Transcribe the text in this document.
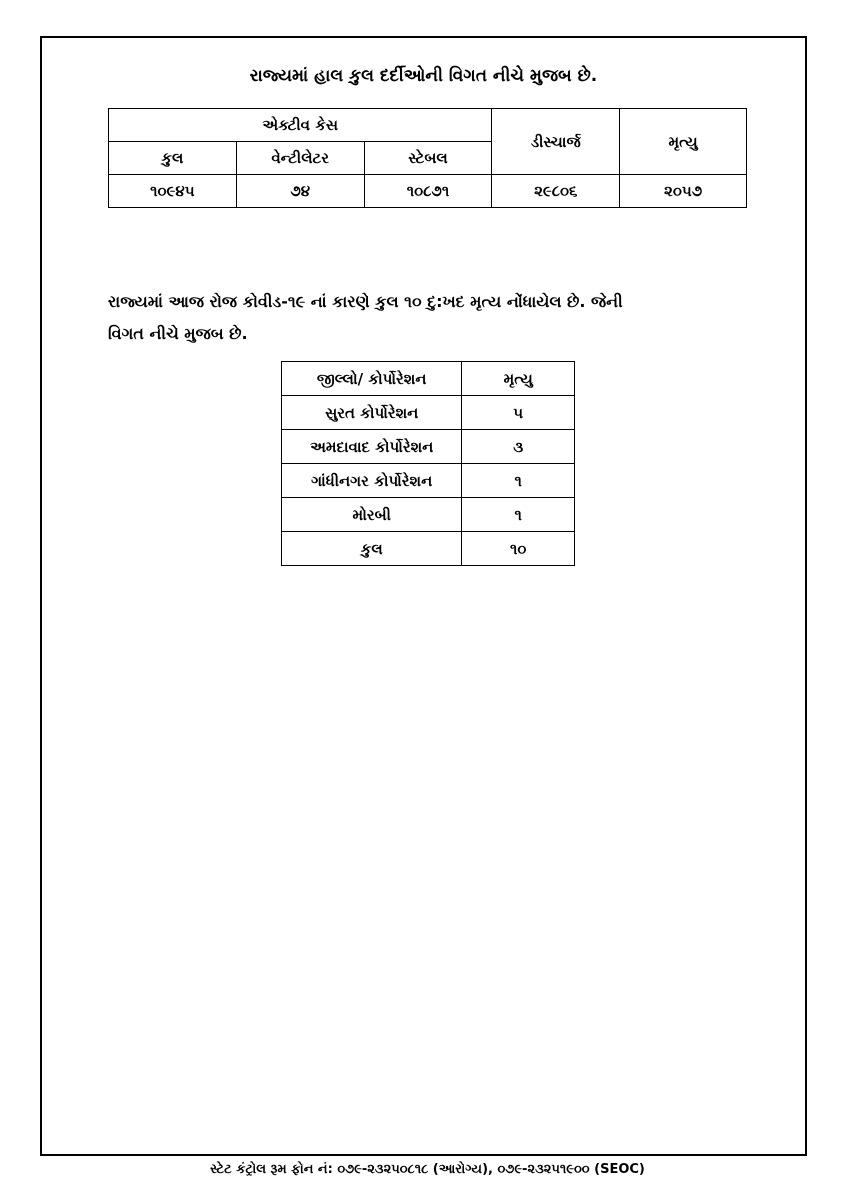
રાજ્યમાં હાલ કુલ દર્દીઓની વિગત નીચે મુજબ છે.
એક્ટીવ કેસ			ડીસ્ચાર્જ	મૃત્યુ
કુલ	વેન્ટીલેટર	સ્ટેબલ		
૧૦૯૪૫	૭૪	૧૦૮૭૧	૨૯૮૦૬	૨૦૫૭
રાજ્યમાં આજ રોજ કોવીડ-૧૯ નાં કારણે કુલ ૧૦ દુ:ખદ મૃત્ય નોંધાયેલ છે. જેની
વિગત નીચે મુજબ છે.
જીલ્લો/ કોર્પોરેશન	મૃત્યુ
સુરત કોર્પોરેશન	૫
અમદાવાદ કોર્પોરેશન	૩
ગાંધીનગર કોર્પોરેશન	૧
મોરબી	૧
કુલ	૧૦
સ્ટેટ કંટ્રોલ રૂમ ફોન નં: ૦૭૯-૨૩૨૫૦૮૧૮ (આરોગ્ય), ૦૭૯-૨૩૨૫૧૯૦૦ (SEOC)
